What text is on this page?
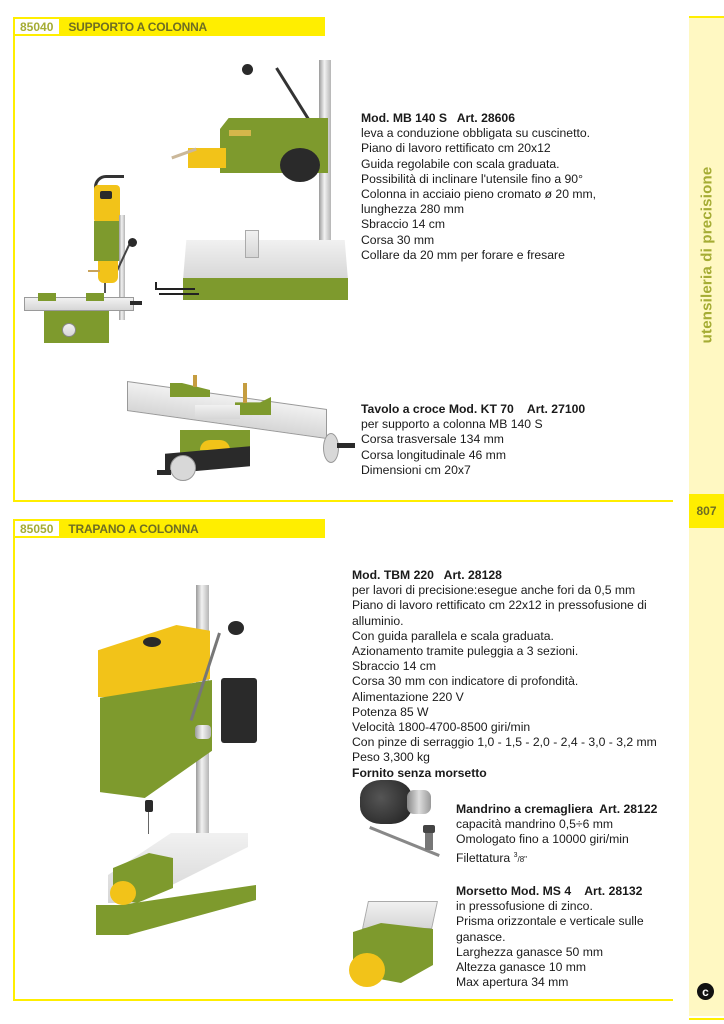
utensileria di precisione
807
c
85040	SUPPORTO A COLONNA
Mod. MB 140 S   Art. 28606
leva a conduzione obbligata su cuscinetto.
Piano di lavoro rettificato cm 20x12
Guida regolabile con scala graduata.
Possibilità di inclinare l'utensile fino a 90°
Colonna in acciaio pieno cromato ø 20 mm,
lunghezza 280 mm
Sbraccio 14 cm
Corsa 30 mm
Collare da 20 mm per forare e fresare
Tavolo a croce Mod. KT 70    Art. 27100
per supporto a colonna MB 140 S
Corsa trasversale 134 mm
Corsa longitudinale 46 mm
Dimensioni cm 20x7
85050	TRAPANO A COLONNA
Mod. TBM 220   Art. 28128
per lavori di precisione:esegue anche fori da 0,5 mm
Piano di lavoro rettificato cm 22x12 in pressofusione di
alluminio.
Con guida parallela e scala graduata.
Azionamento tramite puleggia a 3 sezioni.
Sbraccio 14 cm
Corsa 30 mm con indicatore di profondità.
Alimentazione 220 V
Potenza 85 W
Velocità 1800-4700-8500 giri/min
Con pinze di serraggio 1,0 - 1,5 - 2,0 - 2,4 - 3,0 - 3,2 mm
Peso 3,300 kg
Fornito senza morsetto
Mandrino a cremagliera  Art. 28122
capacità mandrino 0,5÷6 mm
Omologato fino a 10000 giri/min
Filettatura $^3$/8"
Morsetto Mod. MS 4    Art. 28132
in pressofusione di zinco.
Prisma orizzontale e verticale sulle
ganasce.
Larghezza ganasce 50 mm
Altezza ganasce 10 mm
Max apertura 34 mm
